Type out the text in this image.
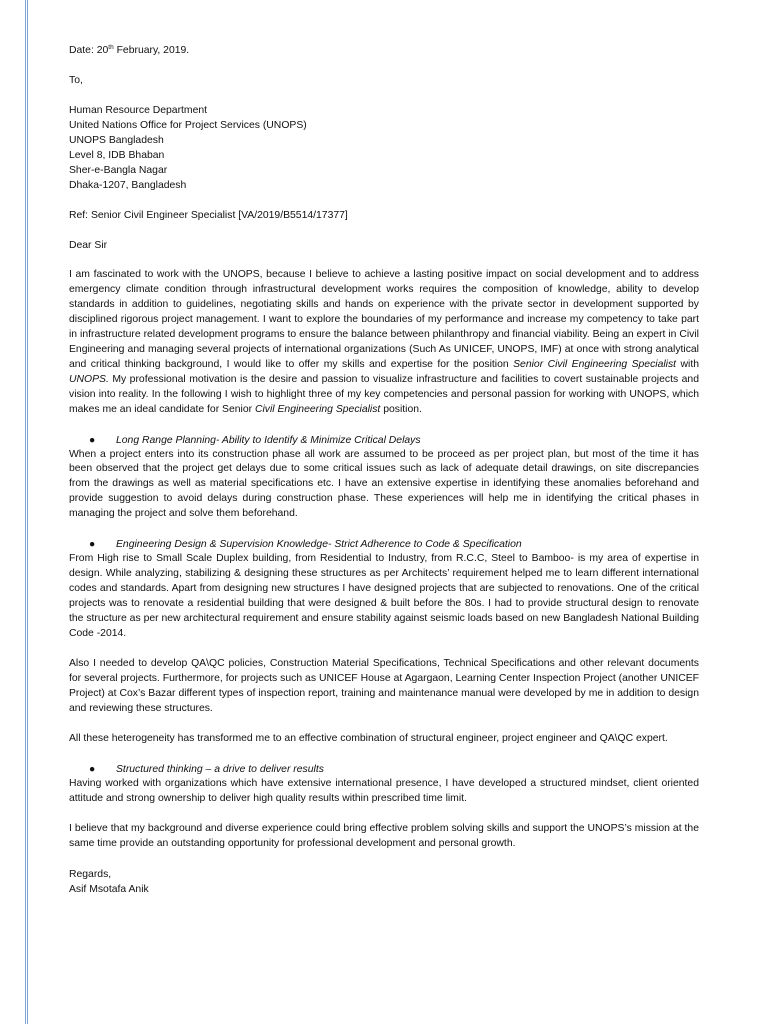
Date: 20th February, 2019.
To,
Human Resource Department
United Nations Office for Project Services (UNOPS)
UNOPS Bangladesh
Level 8, IDB Bhaban
Sher-e-Bangla Nagar
Dhaka-1207, Bangladesh
Ref: Senior Civil Engineer Specialist [VA/2019/B5514/17377]
Dear Sir
I am fascinated to work with the UNOPS, because I believe to achieve a lasting positive impact on social development and to address emergency climate condition through infrastructural development works requires the composition of knowledge, ability to develop standards in addition to guidelines, negotiating skills and hands on experience with the private sector in development supported by disciplined rigorous project management. I want to explore the boundaries of my performance and increase my competency to take part in infrastructure related development programs to ensure the balance between philanthropy and financial viability. Being an expert in Civil Engineering and managing several projects of international organizations (Such As UNICEF, UNOPS, IMF) at once with strong analytical and critical thinking background, I would like to offer my skills and expertise for the position Senior Civil Engineering Specialist with UNOPS. My professional motivation is the desire and passion to visualize infrastructure and facilities to covert sustainable projects and vision into reality. In the following I wish to highlight three of my key competencies and personal passion for working with UNOPS, which makes me an ideal candidate for Senior Civil Engineering Specialist position.
● Long Range Planning- Ability to Identify & Minimize Critical Delays
When a project enters into its construction phase all work are assumed to be proceed as per project plan, but most of the time it has been observed that the project get delays due to some critical issues such as lack of adequate detail drawings, on site discrepancies from the drawings as well as material specifications etc. I have an extensive expertise in identifying these anomalies beforehand and provide suggestion to avoid delays during construction phase. These experiences will help me in identifying the critical phases in managing the project and solve them beforehand.
● Engineering Design & Supervision Knowledge- Strict Adherence to Code & Specification
From High rise to Small Scale Duplex building, from Residential to Industry, from R.C.C, Steel to Bamboo- is my area of expertise in design. While analyzing, stabilizing & designing these structures as per Architects’ requirement helped me to learn different international codes and standards. Apart from designing new structures I have designed projects that are subjected to renovations. One of the critical projects was to renovate a residential building that were designed & built before the 80s. I had to provide structural design to renovate the structure as per new architectural requirement and ensure stability against seismic loads based on new Bangladesh National Building Code -2014.
Also I needed to develop QA\QC policies, Construction Material Specifications, Technical Specifications and other relevant documents for several projects. Furthermore, for projects such as UNICEF House at Agargaon, Learning Center Inspection Project (another UNICEF Project) at Cox’s Bazar different types of inspection report, training and maintenance manual were developed by me in addition to design and reviewing these structures.
All these heterogeneity has transformed me to an effective combination of structural engineer, project engineer and QA\QC expert.
● Structured thinking – a drive to deliver results
Having worked with organizations which have extensive international presence, I have developed a structured mindset, client oriented attitude and strong ownership to deliver high quality results within prescribed time limit.
I believe that my background and diverse experience could bring effective problem solving skills and support the UNOPS’s mission at the same time provide an outstanding opportunity for professional development and personal growth.
Regards,
Asif Msotafa Anik
